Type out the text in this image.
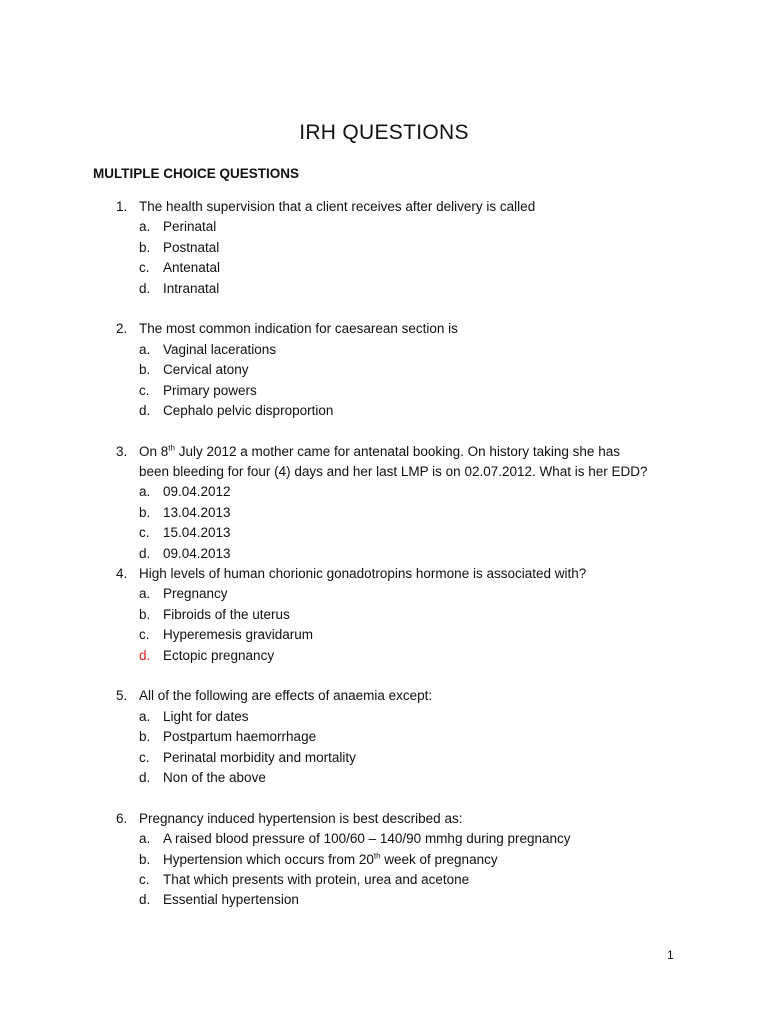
IRH QUESTIONS
MULTIPLE CHOICE QUESTIONS
1. The health supervision that a client receives after delivery is called
a. Perinatal
b. Postnatal
c. Antenatal
d. Intranatal
2. The most common indication for caesarean section is
a. Vaginal lacerations
b. Cervical atony
c. Primary powers
d. Cephalo pelvic disproportion
3. On 8th July 2012 a mother came for antenatal booking. On history taking she has
been bleeding for four (4) days and her last LMP is on 02.07.2012. What is her EDD?
a. 09.04.2012
b. 13.04.2013
c. 15.04.2013
d. 09.04.2013
4. High levels of human chorionic gonadotropins hormone is associated with?
a. Pregnancy
b. Fibroids of the uterus
c. Hyperemesis gravidarum
d. Ectopic pregnancy
5. All of the following are effects of anaemia except:
a. Light for dates
b. Postpartum haemorrhage
c. Perinatal morbidity and mortality
d. Non of the above
6. Pregnancy induced hypertension is best described as:
a. A raised blood pressure of 100/60 – 140/90 mmhg during pregnancy
b. Hypertension which occurs from 20th week of pregnancy
c. That which presents with protein, urea and acetone
d. Essential hypertension
1
